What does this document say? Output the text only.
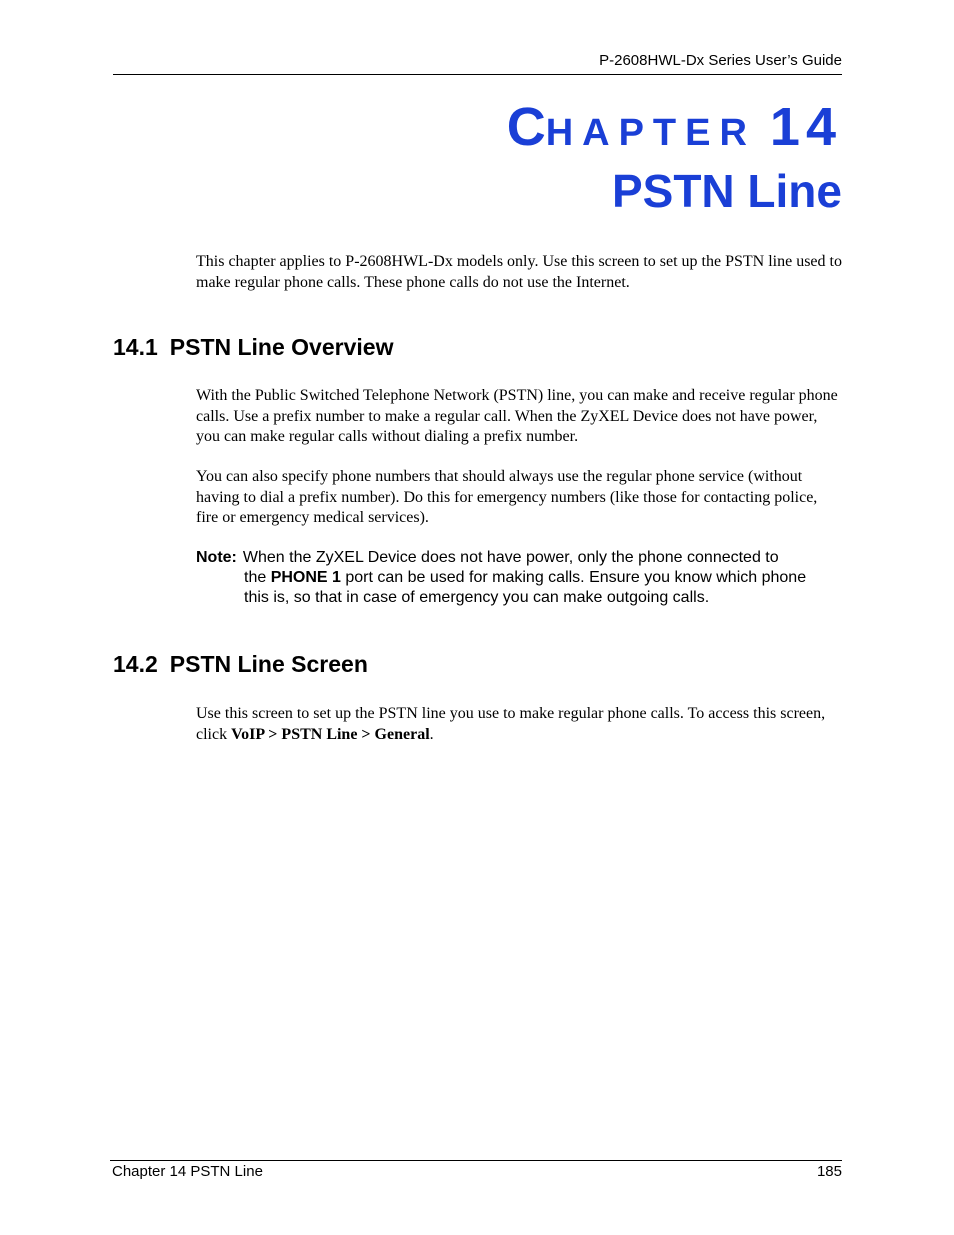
P-2608HWL-Dx Series User’s Guide
CHAPTER 14
PSTN Line
This chapter applies to P-2608HWL-Dx models only. Use this screen to set up the PSTN line used to make regular phone calls. These phone calls do not use the Internet.
14.1 PSTN Line Overview
With the Public Switched Telephone Network (PSTN) line, you can make and receive regular phone calls. Use a prefix number to make a regular call. When the ZyXEL Device does not have power, you can make regular calls without dialing a prefix number.
You can also specify phone numbers that should always use the regular phone service (without having to dial a prefix number). Do this for emergency numbers (like those for contacting police, fire or emergency medical services).
Note: When the ZyXEL Device does not have power, only the phone connected to
the PHONE 1 port can be used for making calls. Ensure you know which phone
this is, so that in case of emergency you can make outgoing calls.
14.2 PSTN Line Screen
Use this screen to set up the PSTN line you use to make regular phone calls. To access this screen, click VoIP > PSTN Line > General.
Chapter 14 PSTN Line	185
